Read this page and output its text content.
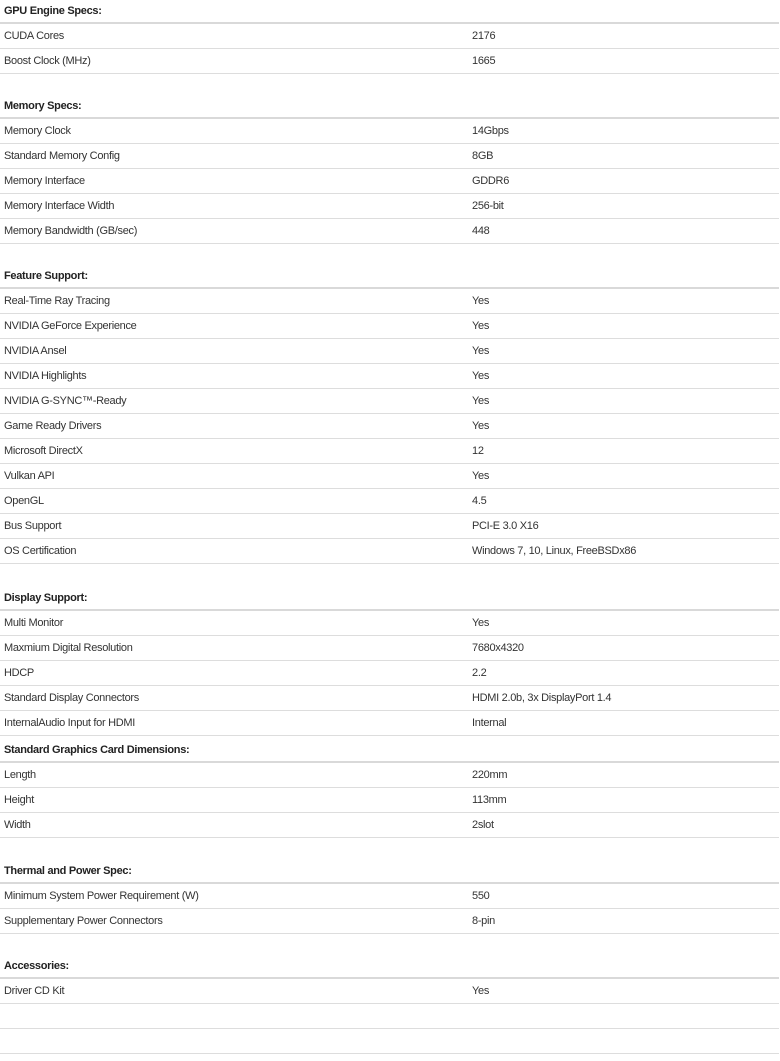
GPU Engine Specs:
CUDA Cores	2176
Boost Clock (MHz)	1665
Memory Specs:
Memory Clock	14Gbps
Standard Memory Config	8GB
Memory Interface	GDDR6
Memory Interface Width	256-bit
Memory Bandwidth (GB/sec)	448
Feature Support:
Real-Time Ray Tracing	Yes
NVIDIA GeForce Experience	Yes
NVIDIA Ansel	Yes
NVIDIA Highlights	Yes
NVIDIA G-SYNC™-Ready	Yes
Game Ready Drivers	Yes
Microsoft DirectX	12
Vulkan API	Yes
OpenGL	4.5
Bus Support	PCI-E 3.0 X16
OS Certification	Windows 7, 10, Linux, FreeBSDx86
Display Support:
Multi Monitor	Yes
Maxmium Digital Resolution	7680x4320
HDCP	2.2
Standard Display Connectors	HDMI 2.0b, 3x DisplayPort 1.4
InternalAudio Input for HDMI	Internal
Standard Graphics Card Dimensions:
Length	220mm
Height	113mm
Width	2slot
Thermal and Power Spec:
Minimum System Power Requirement (W)	550
Supplementary Power Connectors	8-pin
Accessories:
Driver CD Kit	Yes
